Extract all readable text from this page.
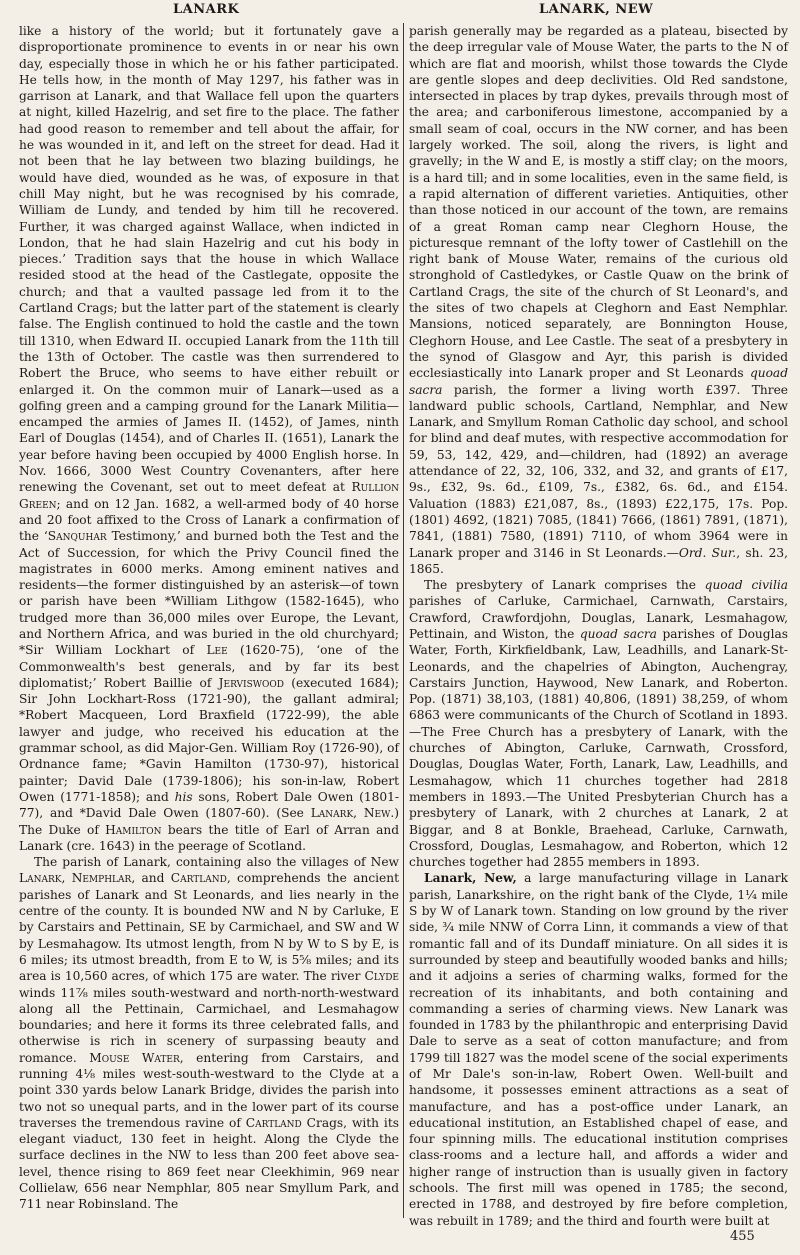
LANARK	LANARK, NEW

like a history of the world; but it fortunately gave a disproportionate prominence to events in or near his own day, especially those in which he or his father participated. He tells how, in the month of May 1297, his father was in garrison at Lanark, and that Wallace fell upon the quarters at night, killed Hazelrig, and set fire to the place. The father had good reason to remember and tell about the affair, for he was wounded in it, and left on the street for dead. Had it not been that he lay between two blazing buildings, he would have died, wounded as he was, of exposure in that chill May night, but he was recognised by his comrade, William de Lundy, and tended by him till he recovered. Further, it was charged against Wallace, when indicted in London, that he had slain Hazelrig and cut his body in pieces.’ Tradition says that the house in which Wallace resided stood at the head of the Castlegate, opposite the church; and that a vaulted passage led from it to the Cartland Crags; but the latter part of the statement is clearly false. The English continued to hold the castle and the town till 1310, when Edward II. occupied Lanark from the 11th till the 13th of October. The castle was then surrendered to Robert the Bruce, who seems to have either rebuilt or enlarged it. On the common muir of Lanark—used as a golfing green and a camping ground for the Lanark Militia—encamped the armies of James II. (1452), of James, ninth Earl of Douglas (1454), and of Charles II. (1651), Lanark the year before having been occupied by 4000 English horse. In Nov. 1666, 3000 West Country Covenanters, after here renewing the Covenant, set out to meet defeat at Rullion Green; and on 12 Jan. 1682, a well-armed body of 40 horse and 20 foot affixed to the Cross of Lanark a confirmation of the ‘Sanquhar Testimony,’ and burned both the Test and the Act of Succession, for which the Privy Council fined the magistrates in 6000 merks. Among eminent natives and residents—the former distinguished by an asterisk—of town or parish have been *William Lithgow (1582-1645), who trudged more than 36,000 miles over Europe, the Levant, and Northern Africa, and was buried in the old churchyard; *Sir William Lockhart of Lee (1620-75), ‘one of the Commonwealth's best generals, and by far its best diplomatist;’ Robert Baillie of Jerviswood (executed 1684); Sir John Lockhart-Ross (1721-90), the gallant admiral; *Robert Macqueen, Lord Braxfield (1722-99), the able lawyer and judge, who received his education at the grammar school, as did Major-Gen. William Roy (1726-90), of Ordnance fame; *Gavin Hamilton (1730-97), historical painter; David Dale (1739-1806); his son-in-law, Robert Owen (1771-1858); and his sons, Robert Dale Owen (1801-77), and *David Dale Owen (1807-60). (See Lanark, New.) The Duke of Hamilton bears the title of Earl of Arran and Lanark (cre. 1643) in the peerage of Scotland.

The parish of Lanark, containing also the villages of New Lanark, Nemphlar, and Cartland, comprehends the ancient parishes of Lanark and St Leonards, and lies nearly in the centre of the county. It is bounded NW and N by Carluke, E by Carstairs and Pettinain, SE by Carmichael, and SW and W by Lesmahagow. Its utmost length, from N by W to S by E, is 6 miles; its utmost breadth, from E to W, is 5⅝ miles; and its area is 10,560 acres, of which 175 are water. The river Clyde winds 11⅞ miles south-westward and north-north-westward along all the Pettinain, Carmichael, and Lesmahagow boundaries; and here it forms its three celebrated falls, and otherwise is rich in scenery of surpassing beauty and romance. Mouse Water, entering from Carstairs, and running 4⅛ miles west-south-westward to the Clyde at a point 330 yards below Lanark Bridge, divides the parish into two not so unequal parts, and in the lower part of its course traverses the tremendous ravine of Cartland Crags, with its elegant viaduct, 130 feet in height. Along the Clyde the surface declines in the NW to less than 200 feet above sea-level, thence rising to 869 feet near Cleekhimin, 969 near Collielaw, 656 near Nemphlar, 805 near Smyllum Park, and 711 near Robinsland. The

parish generally may be regarded as a plateau, bisected by the deep irregular vale of Mouse Water, the parts to the N of which are flat and moorish, whilst those towards the Clyde are gentle slopes and deep declivities. Old Red sandstone, intersected in places by trap dykes, prevails through most of the area; and carboniferous limestone, accompanied by a small seam of coal, occurs in the NW corner, and has been largely worked. The soil, along the rivers, is light and gravelly; in the W and E, is mostly a stiff clay; on the moors, is a hard till; and in some localities, even in the same field, is a rapid alternation of different varieties. Antiquities, other than those noticed in our account of the town, are remains of a great Roman camp near Cleghorn House, the picturesque remnant of the lofty tower of Castlehill on the right bank of Mouse Water, remains of the curious old stronghold of Castledykes, or Castle Quaw on the brink of Cartland Crags, the site of the church of St Leonard's, and the sites of two chapels at Cleghorn and East Nemphlar. Mansions, noticed separately, are Bonnington House, Cleghorn House, and Lee Castle. The seat of a presbytery in the synod of Glasgow and Ayr, this parish is divided ecclesiastically into Lanark proper and St Leonards quoad sacra parish, the former a living worth £397. Three landward public schools, Cartland, Nemphlar, and New Lanark, and Smyllum Roman Catholic day school, and school for blind and deaf mutes, with respective accommodation for 59, 53, 142, 429, and—children, had (1892) an average attendance of 22, 32, 106, 332, and 32, and grants of £17, 9s., £32, 9s. 6d., £109, 7s., £382, 6s. 6d., and £154. Valuation (1883) £21,087, 8s., (1893) £22,175, 17s. Pop. (1801) 4692, (1821) 7085, (1841) 7666, (1861) 7891, (1871), 7841, (1881) 7580, (1891) 7110, of whom 3964 were in Lanark proper and 3146 in St Leonards.—Ord. Sur., sh. 23, 1865.

The presbytery of Lanark comprises the quoad civilia parishes of Carluke, Carmichael, Carnwath, Carstairs, Crawford, Crawfordjohn, Douglas, Lanark, Lesmahagow, Pettinain, and Wiston, the quoad sacra parishes of Douglas Water, Forth, Kirkfieldbank, Law, Leadhills, and Lanark-St-Leonards, and the chapelries of Abington, Auchengray, Carstairs Junction, Haywood, New Lanark, and Roberton. Pop. (1871) 38,103, (1881) 40,806, (1891) 38,259, of whom 6863 were communicants of the Church of Scotland in 1893.—The Free Church has a presbytery of Lanark, with the churches of Abington, Carluke, Carnwath, Crossford, Douglas, Douglas Water, Forth, Lanark, Law, Leadhills, and Lesmahagow, which 11 churches together had 2818 members in 1893.—The United Presbyterian Church has a presbytery of Lanark, with 2 churches at Lanark, 2 at Biggar, and 8 at Bonkle, Braehead, Carluke, Carnwath, Crossford, Douglas, Lesmahagow, and Roberton, which 12 churches together had 2855 members in 1893.

Lanark, New, a large manufacturing village in Lanark parish, Lanarkshire, on the right bank of the Clyde, 1¼ mile S by W of Lanark town. Standing on low ground by the river side, ¾ mile NNW of Corra Linn, it commands a view of that romantic fall and of its Dundaff miniature. On all sides it is surrounded by steep and beautifully wooded banks and hills; and it adjoins a series of charming walks, formed for the recreation of its inhabitants, and both containing and commanding a series of charming views. New Lanark was founded in 1783 by the philanthropic and enterprising David Dale to serve as a seat of cotton manufacture; and from 1799 till 1827 was the model scene of the social experiments of Mr Dale's son-in-law, Robert Owen. Well-built and handsome, it possesses eminent attractions as a seat of manufacture, and has a post-office under Lanark, an educational institution, an Established chapel of ease, and four spinning mills. The educational institution comprises class-rooms and a lecture hall, and affords a wider and higher range of instruction than is usually given in factory schools. The first mill was opened in 1785; the second, erected in 1788, and destroyed by fire before completion, was rebuilt in 1789; and the third and fourth were built at

455
